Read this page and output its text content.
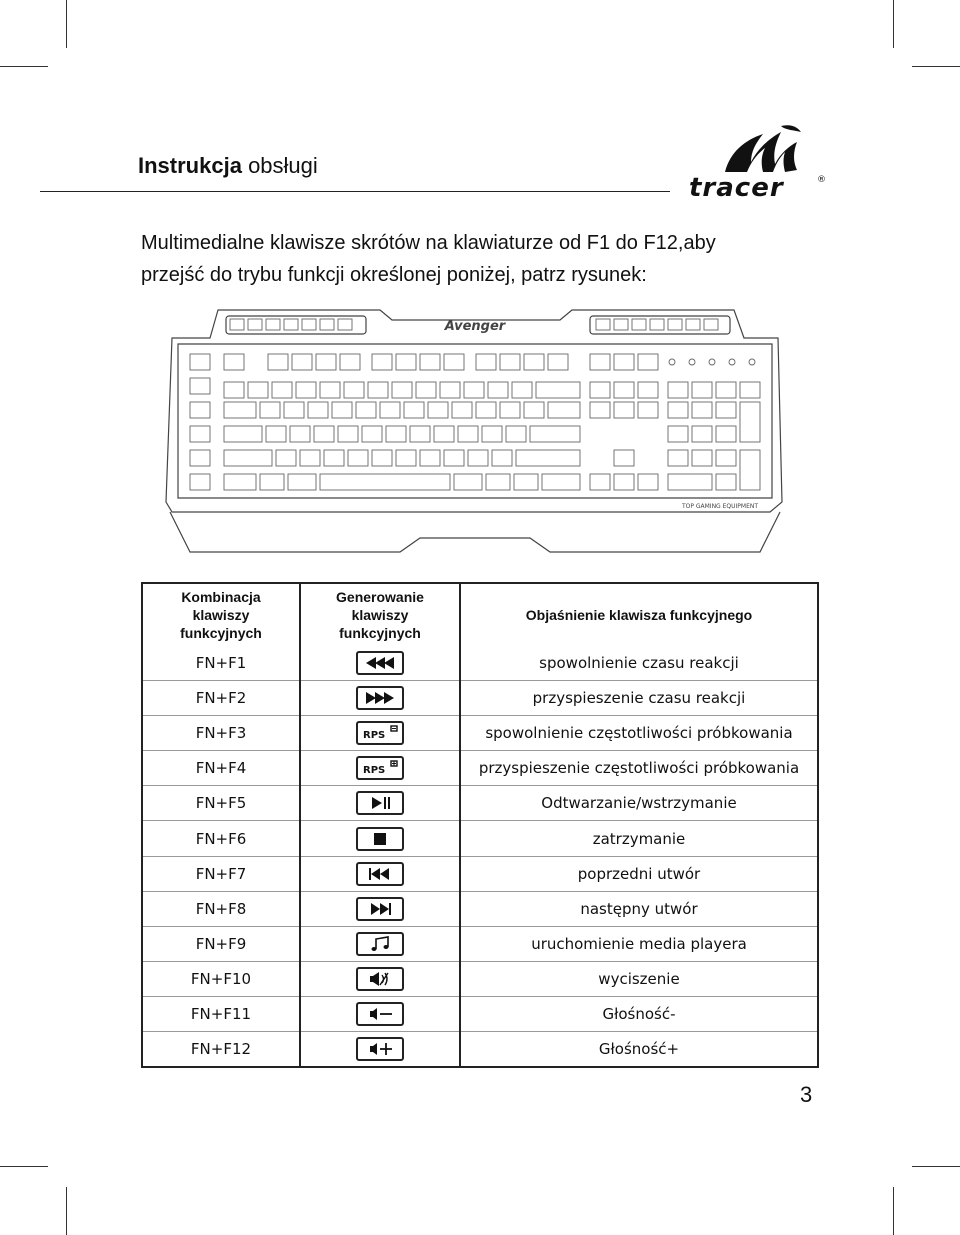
Instrukcja obsługi
tracer	®
Multimedialne klawisze skrótów na klawiaturze od F1 do F12,aby
przejść do trybu funkcji określonej poniżej, patrz rysunek:
Avenger
TOP GAMING EQUIPMENT
Kombinacja
klawiszy
funkcyjnych	Generowanie
klawiszy
funkcyjnych	Objaśnienie klawisza funkcyjnego
FN+F1		spowolnienie czasu reakcji
FN+F2		przyspieszenie czasu reakcji
FN+F3	RPS	spowolnienie częstotliwości próbkowania
FN+F4	RPS	przyspieszenie częstotliwości próbkowania
FN+F5		Odtwarzanie/wstrzymanie
FN+F6		zatrzymanie
FN+F7		poprzedni utwór
FN+F8		następny utwór
FN+F9		uruchomienie media playera
FN+F10		wyciszenie
FN+F11		Głośność-
FN+F12		Głośność+
3
